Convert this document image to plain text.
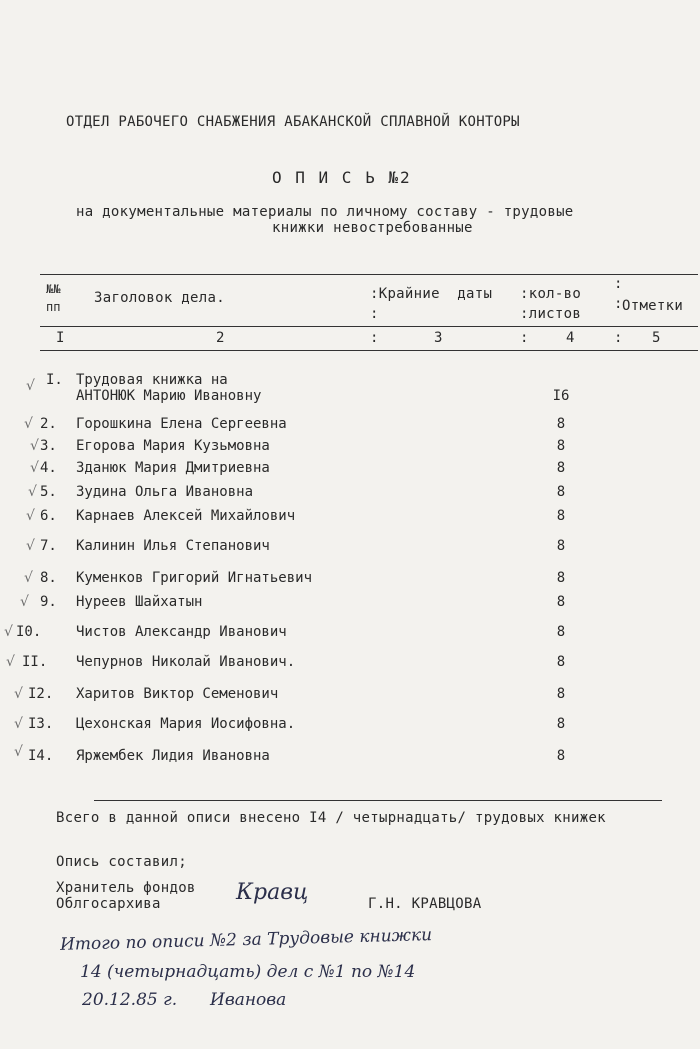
ОТДЕЛ РАБОЧЕГО СНАБЖЕНИЯ АБАКАНСКОЙ СПЛАВНОЙ КОНТОРЫ
О П И С Ь №2
на документальные материалы по личному составу - трудовые
книжки невостребованные
№№
пп
Заголовок дела.	:Крайние  даты
:
:кол-во
:листов
:
: Отметки
I	2	:	3	:	4	: 5
√ I. Трудовая книжка на
АНТОНЮК Марию Ивановну	I6
√ 2. Горошкина Елена Сергеевна	8
√ 3. Егорова Мария Кузьмовна	8
√ 4. Зданюк Мария Дмитриевна	8
√ 5. Зудина Ольга Ивановна	8
√ 6. Карнаев Алексей Михайлович	8
√ 7. Калинин Илья Степанович	8
√ 8. Куменков Григорий Игнатьевич	8
√ 9. Нуреев Шайхатын	8
√ I0. Чистов Александр Иванович	8
√ II. Чепурнов Николай Иванович.	8
√ I2. Харитов Виктор Семенович	8
√ I3. Цехонская Мария Иосифовна.	8
√ I4. Яржембек Лидия Ивановна	8
Всего в данной описи внесено I4 / четырнадцать/ трудовых книжек
Опись составил;
Хранитель фондов
Облгосархива	Кравц	Г.Н. КРАВЦОВА
Итого по описи №2 за Трудовые книжки
14 (четырнадцать) дел с №1 по №14
20.12.85 г. Иванова
